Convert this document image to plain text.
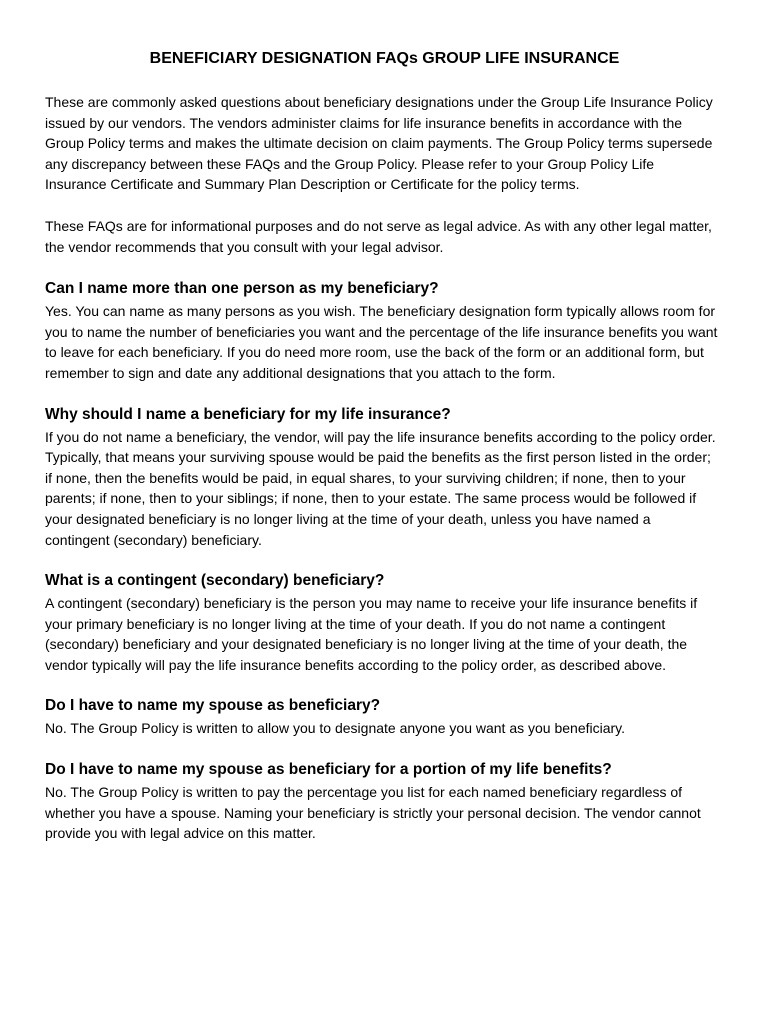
BENEFICIARY DESIGNATION FAQs GROUP LIFE INSURANCE

These are commonly asked questions about beneficiary designations under the Group Life Insurance Policy issued by our vendors. The vendors administer claims for life insurance benefits in accordance with the Group Policy terms and makes the ultimate decision on claim payments. The Group Policy terms supersede any discrepancy between these FAQs and the Group Policy. Please refer to your Group Policy Life Insurance Certificate and Summary Plan Description or Certificate for the policy terms.

These FAQs are for informational purposes and do not serve as legal advice. As with any other legal matter, the vendor recommends that you consult with your legal advisor.

Can I name more than one person as my beneficiary?

Yes. You can name as many persons as you wish. The beneficiary designation form typically allows room for you to name the number of beneficiaries you want and the percentage of the life insurance benefits you want to leave for each beneficiary. If you do need more room, use the back of the form or an additional form, but remember to sign and date any additional designations that you attach to the form.

Why should I name a beneficiary for my life insurance?

If you do not name a beneficiary, the vendor, will pay the life insurance benefits according to the policy order. Typically, that means your surviving spouse would be paid the benefits as the first person listed in the order; if none, then the benefits would be paid, in equal shares, to your surviving children; if none, then to your parents; if none, then to your siblings; if none, then to your estate. The same process would be followed if your designated beneficiary is no longer living at the time of your death, unless you have named a contingent (secondary) beneficiary.

What is a contingent (secondary) beneficiary?

A contingent (secondary) beneficiary is the person you may name to receive your life insurance benefits if your primary beneficiary is no longer living at the time of your death. If you do not name a contingent (secondary) beneficiary and your designated beneficiary is no longer living at the time of your death, the vendor typically will pay the life insurance benefits according to the policy order, as described above.

Do I have to name my spouse as beneficiary?

No. The Group Policy is written to allow you to designate anyone you want as you beneficiary.

Do I have to name my spouse as beneficiary for a portion of my life benefits?

No. The Group Policy is written to pay the percentage you list for each named beneficiary regardless of whether you have a spouse. Naming your beneficiary is strictly your personal decision. The vendor cannot provide you with legal advice on this matter.
